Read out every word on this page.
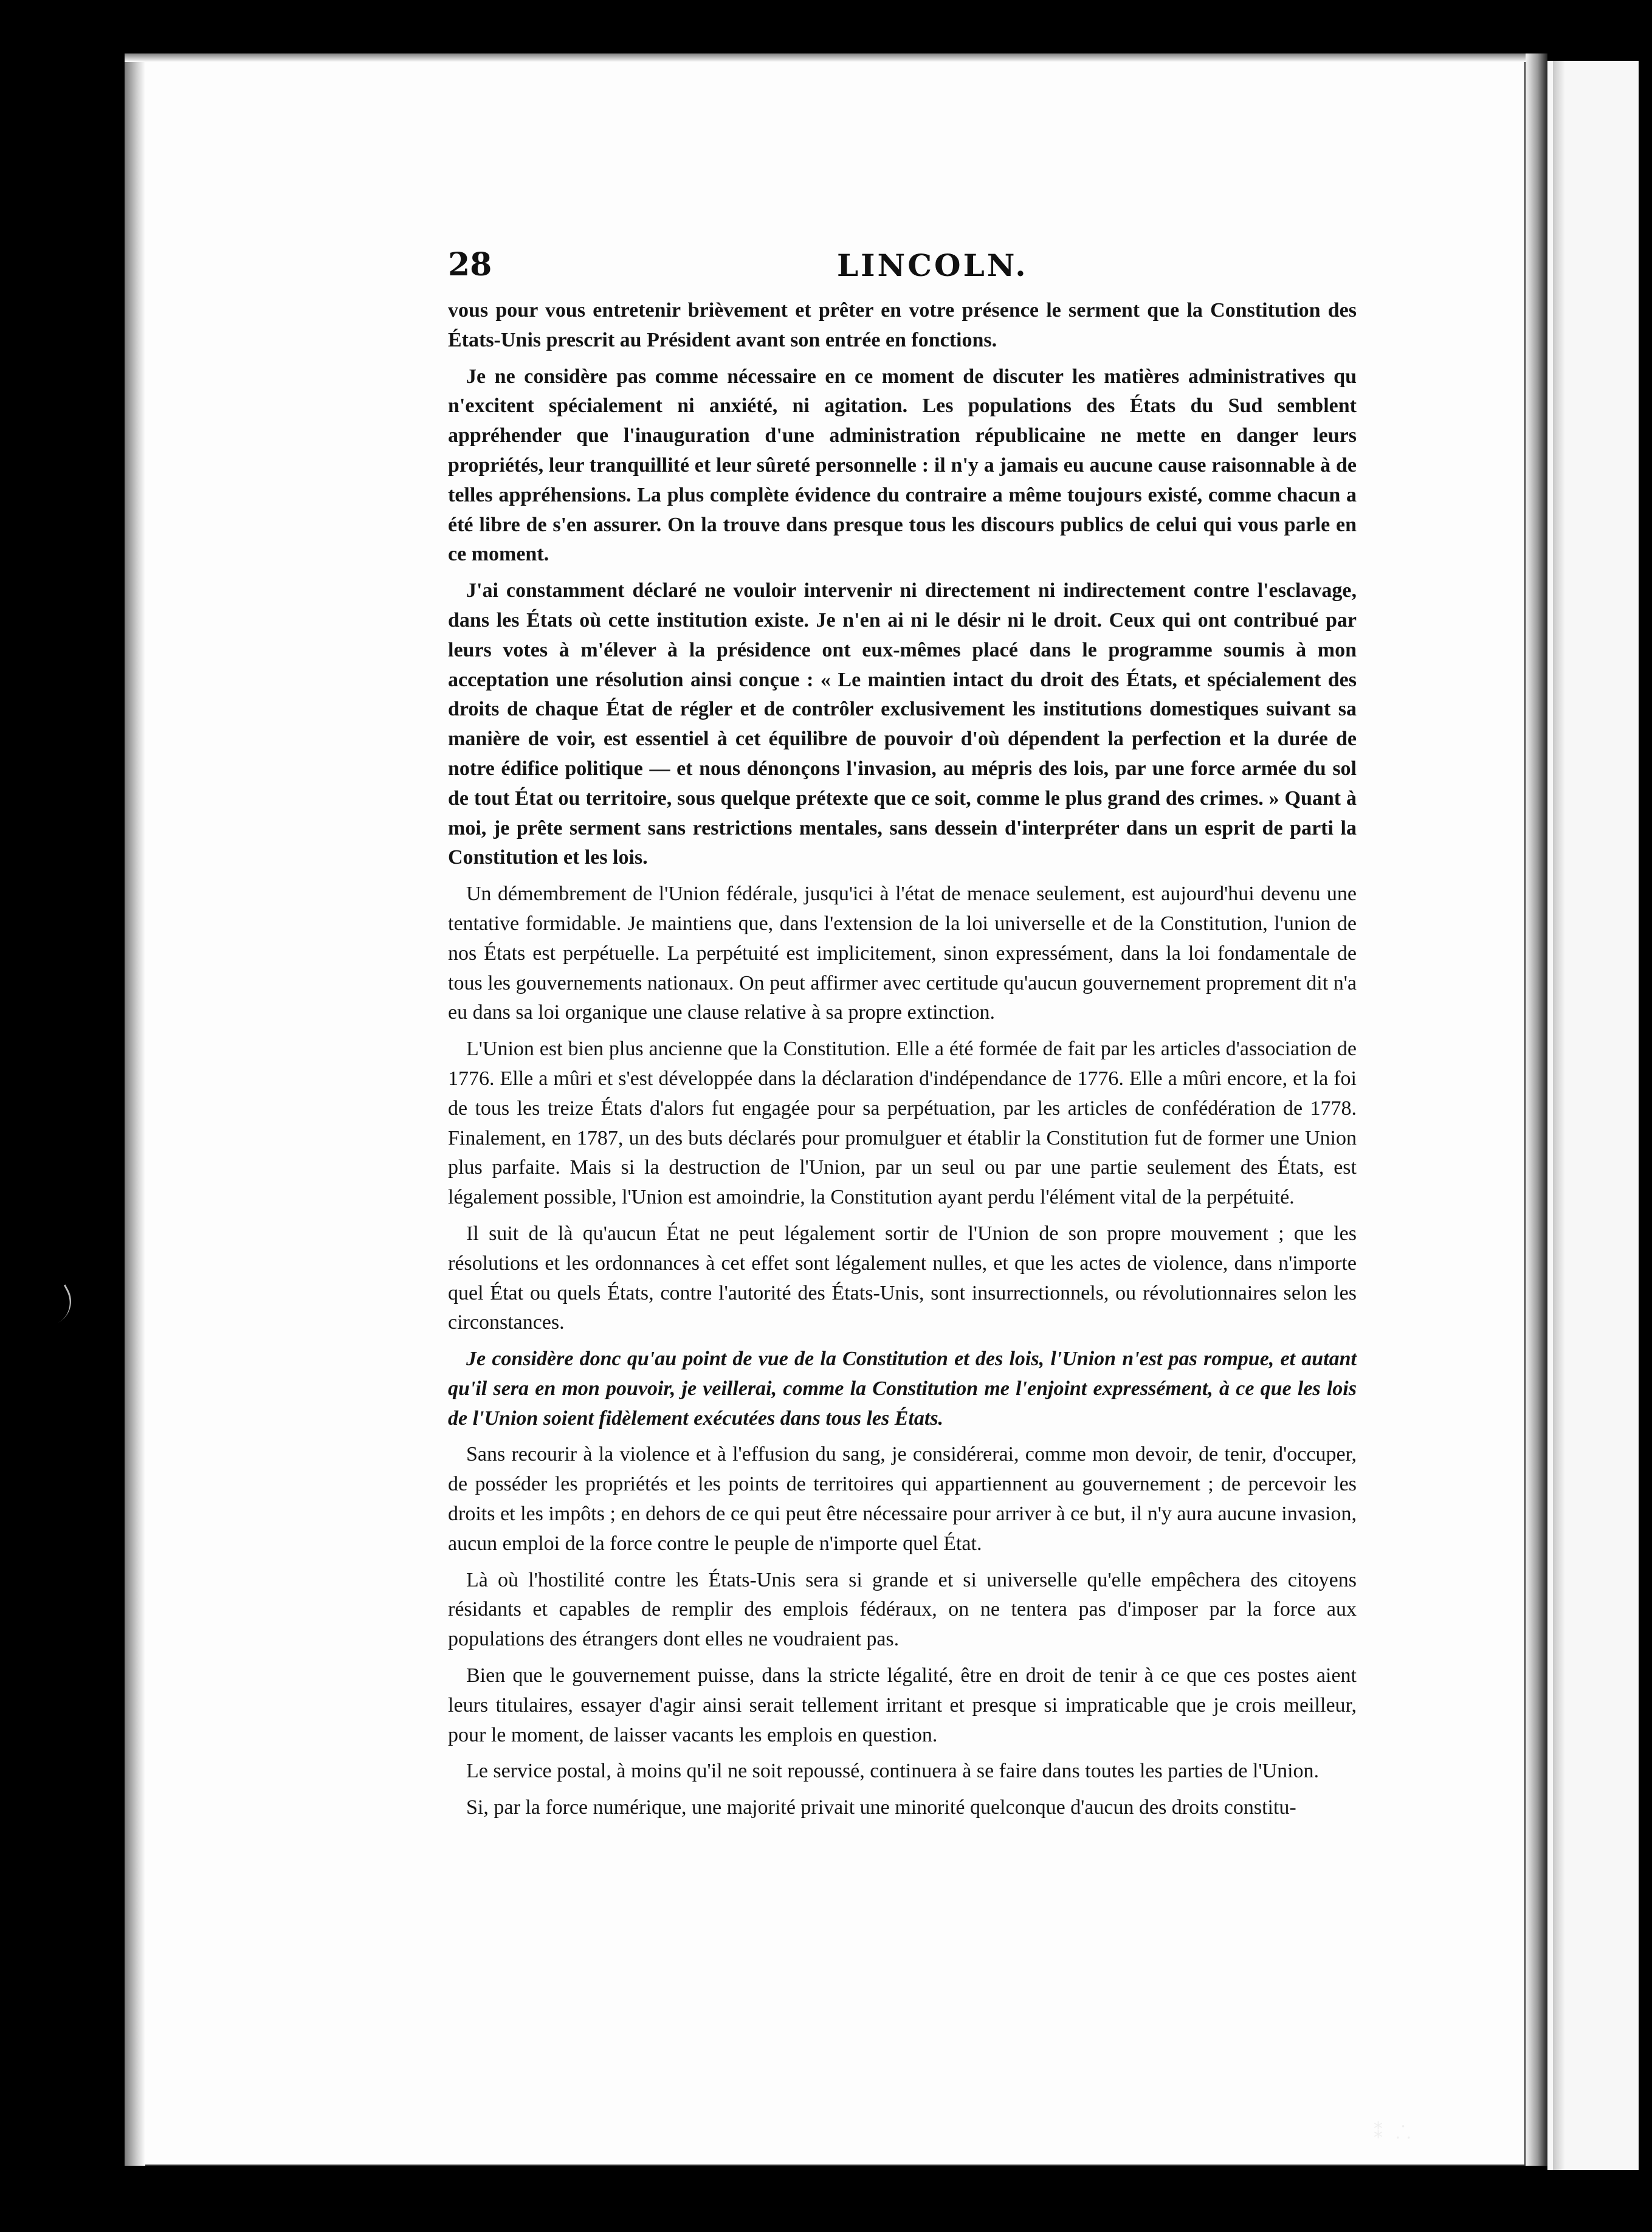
28	LINCOLN.

vous pour vous entretenir brièvement et prêter en votre présence le serment que la Constitution des États-Unis prescrit au Président avant son entrée en fonctions.

Je ne considère pas comme nécessaire en ce moment de discuter les matières administratives qu n'excitent spécialement ni anxiété, ni agitation. Les populations des États du Sud semblent appréhender que l'inauguration d'une administration républicaine ne mette en danger leurs propriétés, leur tranquillité et leur sûreté personnelle : il n'y a jamais eu aucune cause raisonnable à de telles appréhensions. La plus complète évidence du contraire a même toujours existé, comme chacun a été libre de s'en assurer. On la trouve dans presque tous les discours publics de celui qui vous parle en ce moment.

J'ai constamment déclaré ne vouloir intervenir ni directement ni indirectement contre l'esclavage, dans les États où cette institution existe. Je n'en ai ni le désir ni le droit. Ceux qui ont contribué par leurs votes à m'élever à la présidence ont eux-mêmes placé dans le programme soumis à mon acceptation une résolution ainsi conçue : « Le maintien intact du droit des États, et spécialement des droits de chaque État de régler et de contrôler exclusivement les institutions domestiques suivant sa manière de voir, est essentiel à cet équilibre de pouvoir d'où dépendent la perfection et la durée de notre édifice politique — et nous dénonçons l'invasion, au mépris des lois, par une force armée du sol de tout État ou territoire, sous quelque prétexte que ce soit, comme le plus grand des crimes. » Quant à moi, je prête serment sans restrictions mentales, sans dessein d'interpréter dans un esprit de parti la Constitution et les lois.

Un démembrement de l'Union fédérale, jusqu'ici à l'état de menace seulement, est aujourd'hui devenu une tentative formidable. Je maintiens que, dans l'extension de la loi universelle et de la Constitution, l'union de nos États est perpétuelle. La perpétuité est implicitement, sinon expressément, dans la loi fondamentale de tous les gouvernements nationaux. On peut affirmer avec certitude qu'aucun gouvernement proprement dit n'a eu dans sa loi organique une clause relative à sa propre extinction.

L'Union est bien plus ancienne que la Constitution. Elle a été formée de fait par les articles d'association de 1776. Elle a mûri et s'est développée dans la déclaration d'indépendance de 1776. Elle a mûri encore, et la foi de tous les treize États d'alors fut engagée pour sa perpétuation, par les articles de confédération de 1778. Finalement, en 1787, un des buts déclarés pour promulguer et établir la Constitution fut de former une Union plus parfaite. Mais si la destruction de l'Union, par un seul ou par une partie seulement des États, est légalement possible, l'Union est amoindrie, la Constitution ayant perdu l'élément vital de la perpétuité.

Il suit de là qu'aucun État ne peut légalement sortir de l'Union de son propre mouvement ; que les résolutions et les ordonnances à cet effet sont légalement nulles, et que les actes de violence, dans n'importe quel État ou quels États, contre l'autorité des États-Unis, sont insurrectionnels, ou révolutionnaires selon les circonstances.

Je considère donc qu'au point de vue de la Constitution et des lois, l'Union n'est pas rompue, et autant qu'il sera en mon pouvoir, je veillerai, comme la Constitution me l'enjoint expressément, à ce que les lois de l'Union soient fidèlement exécutées dans tous les États.

Sans recourir à la violence et à l'effusion du sang, je considérerai, comme mon devoir, de tenir, d'occuper, de posséder les propriétés et les points de territoires qui appartiennent au gouvernement ; de percevoir les droits et les impôts ; en dehors de ce qui peut être nécessaire pour arriver à ce but, il n'y aura aucune invasion, aucun emploi de la force contre le peuple de n'importe quel État.

Là où l'hostilité contre les États-Unis sera si grande et si universelle qu'elle empêchera des citoyens résidants et capables de remplir des emplois fédéraux, on ne tentera pas d'imposer par la force aux populations des étrangers dont elles ne voudraient pas.

Bien que le gouvernement puisse, dans la stricte légalité, être en droit de tenir à ce que ces postes aient leurs titulaires, essayer d'agir ainsi serait tellement irritant et presque si impraticable que je crois meilleur, pour le moment, de laisser vacants les emplois en question.

Le service postal, à moins qu'il ne soit repoussé, continuera à se faire dans toutes les parties de l'Union.

Si, par la force numérique, une majorité privait une minorité quelconque d'aucun des droits constitu-

⁑ ⸫
